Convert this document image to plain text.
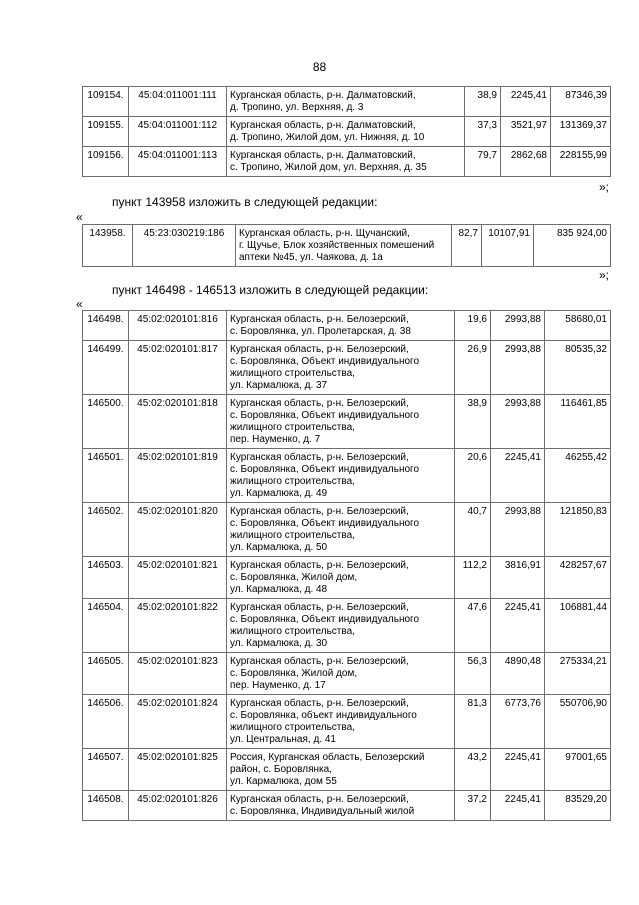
88
109154.	45:04:011001:111	Курганская область, р-н. Далматовский,
д. Тропино, ул. Верхняя, д. 3	38,9	2245,41	87346,39
109155.	45:04:011001:112	Курганская область, р-н. Далматовский,
д. Тропино, Жилой дом, ул. Нижняя, д. 10	37,3	3521,97	131369,37
109156.	45:04:011001:113	Курганская область, р-н. Далматовский,
с. Тропино, Жилой дом, ул. Верхняя, д. 35	79,7	2862,68	228155,99
»;
пункт 143958 изложить в следующей редакции:
«
143958.	45:23:030219:186	Курганская область, р-н. Щучанский,
г. Щучье, Блок хозяйственных помешений
аптеки №45, ул. Чаякова, д. 1а	82,7	10107,91	835 924,00
»;
пункт 146498 - 146513 изложить в следующей редакции:
«
146498.	45:02:020101:816	Курганская область, р-н. Белозерский,
с. Боровлянка, ул. Пролетарская, д. 38	19,6	2993,88	58680,01
146499.	45:02:020101:817	Курганская область, р-н. Белозерский,
с. Боровлянка, Объект индивидуального
жилищного строительства,
ул. Кармалюка, д. 37	26,9	2993,88	80535,32
146500.	45:02:020101:818	Курганская область, р-н. Белозерский,
с. Боровлянка, Объект индивидуального
жилищного строительства,
пер. Науменко, д. 7	38,9	2993,88	116461,85
146501.	45:02:020101:819	Курганская область, р-н. Белозерский,
с. Боровлянка, Объект индивидуального
жилищного строительства,
ул. Кармалюка, д. 49	20,6	2245,41	46255,42
146502.	45:02:020101:820	Курганская область, р-н. Белозерский,
с. Боровлянка, Объект индивидуального
жилищного строительства,
ул. Кармалюка, д. 50	40,7	2993,88	121850,83
146503.	45:02:020101:821	Курганская область, р-н. Белозерский,
с. Боровлянка, Жилой дом,
ул. Кармалюка, д. 48	112,2	3816,91	428257,67
146504.	45:02:020101:822	Курганская область, р-н. Белозерский,
с. Боровлянка, Объект индивидуального
жилищного строительства,
ул. Кармалюка, д. 30	47,6	2245,41	106881,44
146505.	45:02:020101:823	Курганская область, р-н. Белозерский,
с. Боровлянка, Жилой дом,
пер. Науменко, д. 17	56,3	4890,48	275334,21
146506.	45:02:020101:824	Курганская область, р-н. Белозерский,
с. Боровлянка, объект индивидуального
жилищного строительства,
ул. Центральная, д. 41	81,3	6773,76	550706,90
146507.	45:02:020101:825	Россия, Курганская область, Белозерский
район, с. Боровлянка,
ул. Кармалюка, дом 55	43,2	2245,41	97001,65
146508.	45:02:020101:826	Курганская область, р-н. Белозерский,
с. Боровлянка, Индивидуальный жилой	37,2	2245,41	83529,20
